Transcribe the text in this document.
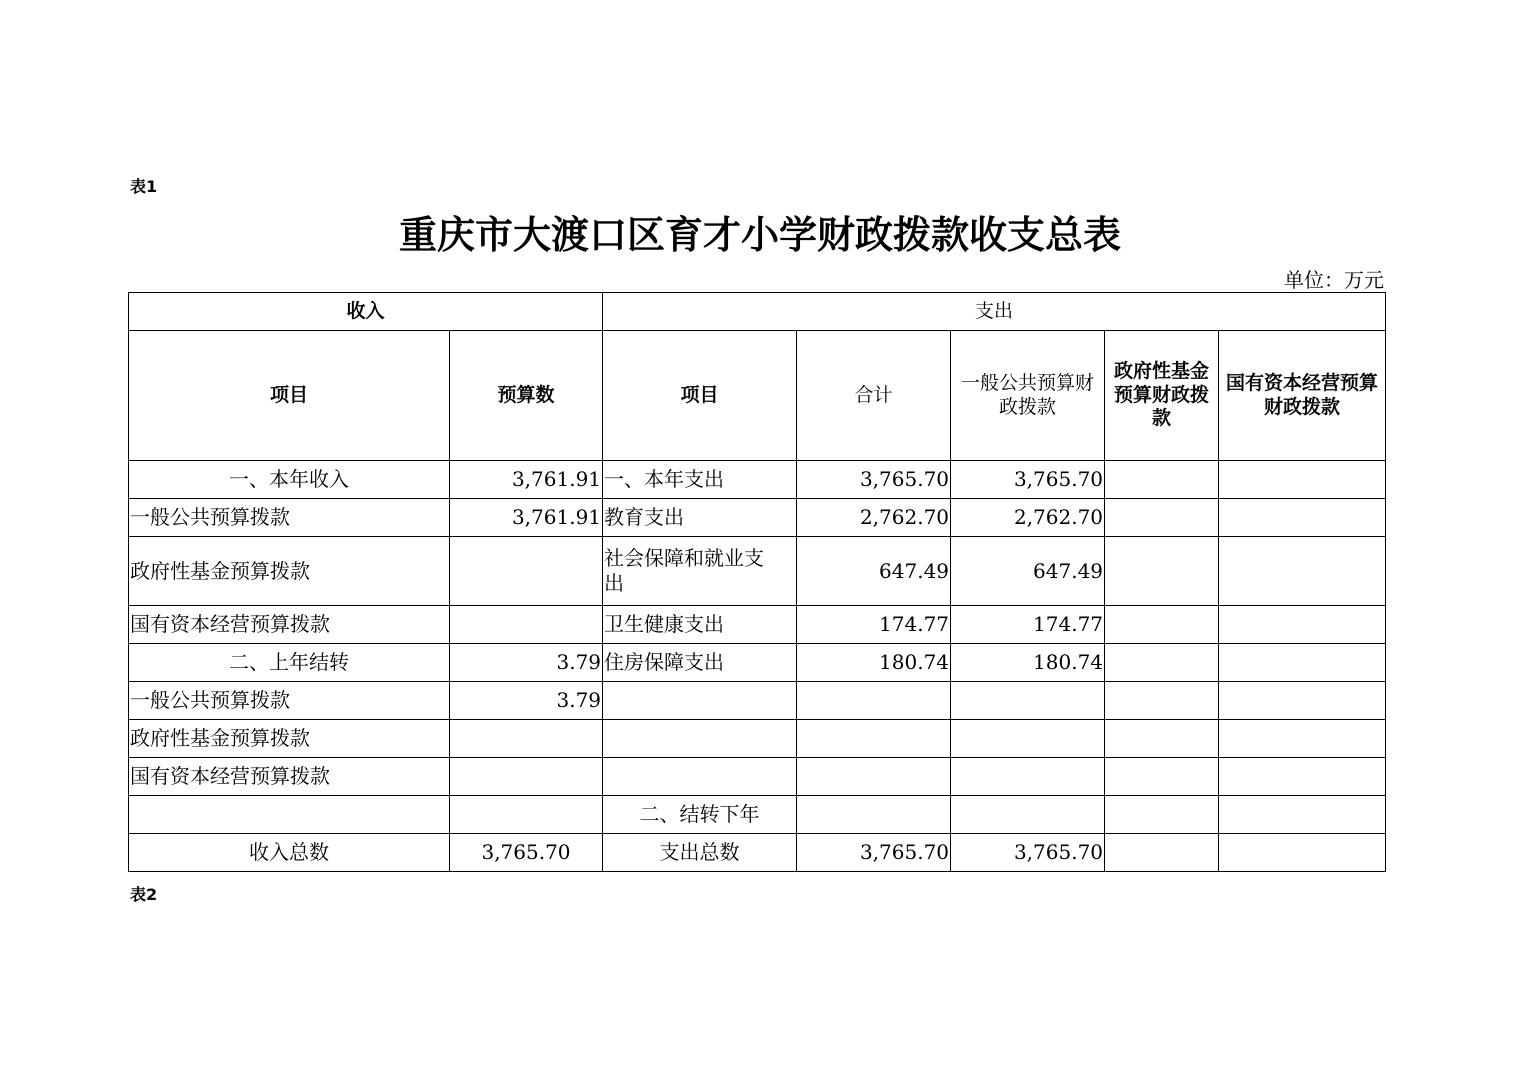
表1
重庆市大渡口区育才小学财政拨款收支总表
单位：万元
收入		支出				
项目	预算数	项目	合计	一般公共预算财政拨款	政府性基金预算财政拨款	国有资本经营预算财政拨款
一、本年收入	3,761.91	一、本年支出	3,765.70	3,765.70		
一般公共预算拨款	3,761.91	教育支出	2,762.70	2,762.70		
政府性基金预算拨款		社会保障和就业支出	647.49	647.49		
国有资本经营预算拨款		卫生健康支出	174.77	174.77		
二、上年结转	3.79	住房保障支出	180.74	180.74		
一般公共预算拨款	3.79					
政府性基金预算拨款						
国有资本经营预算拨款						
		二、结转下年				
收入总数	3,765.70	支出总数	3,765.70	3,765.70		
表2
